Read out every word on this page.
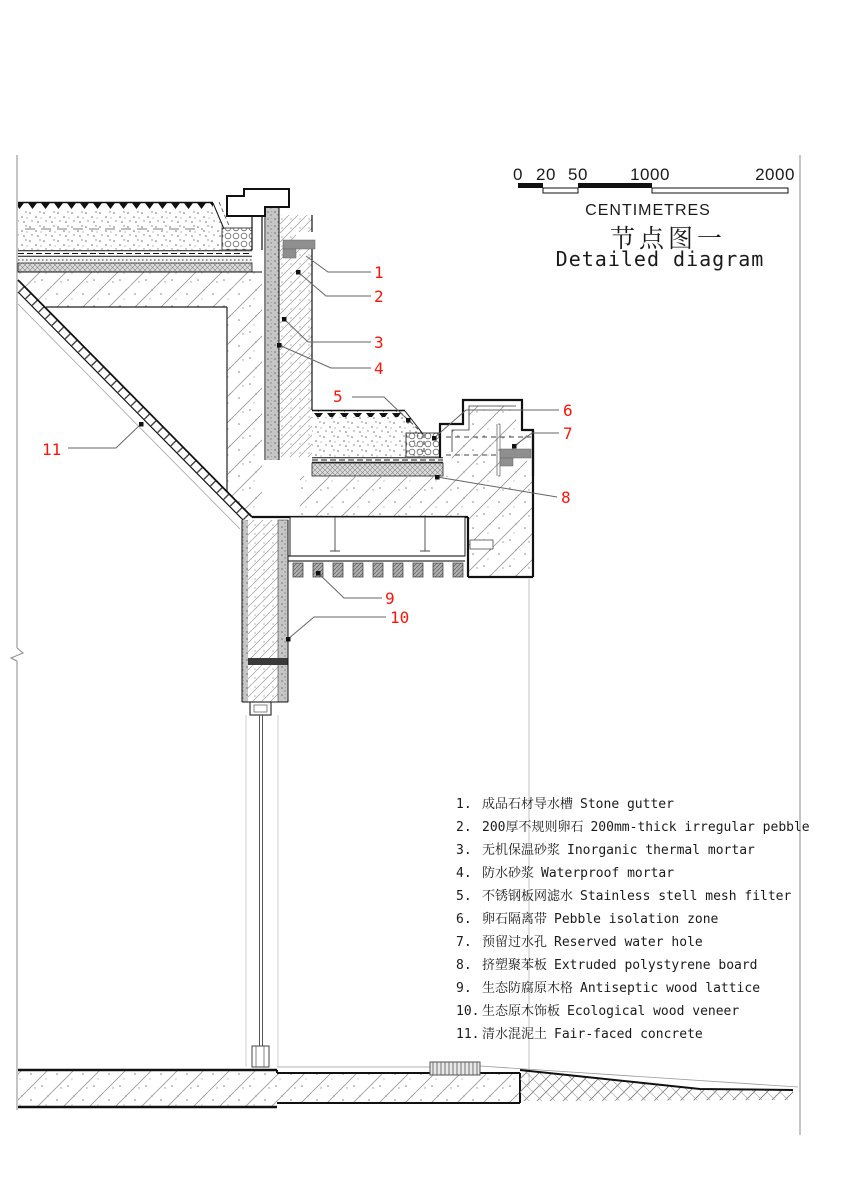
0 20 50 1000	2000
CENTIMETRES
节点图一
Detailed diagram
1
2
3
4
5
6
7
8
9
10
11
1. 成品石材导水槽 Stone gutter
2. 200厚不规则卵石 200mm-thick irregular pebble
3. 无机保温砂浆 Inorganic thermal mortar
4. 防水砂浆 Waterproof mortar
5. 不锈钢板网滤水 Stainless stell mesh filter
6. 卵石隔离带 Pebble isolation zone
7. 预留过水孔 Reserved water hole
8. 挤塑聚苯板 Extruded polystyrene board
9. 生态防腐原木格 Antiseptic wood lattice
10. 生态原木饰板 Ecological wood veneer
11. 清水混泥土 Fair-faced concrete
